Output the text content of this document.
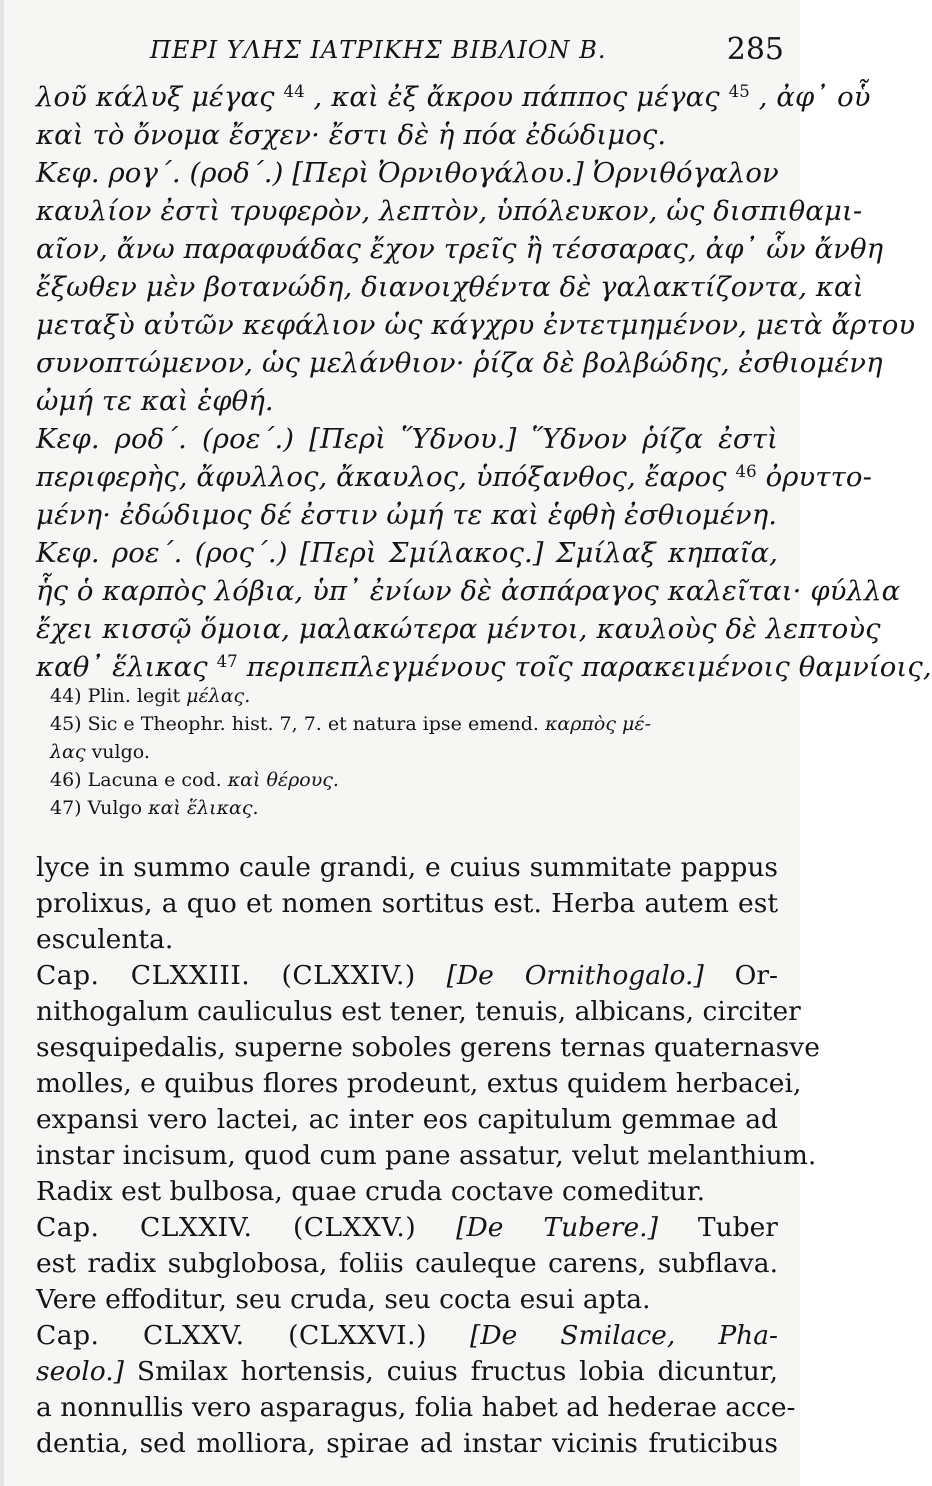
ΠΕΡΙ ΥΛΗΣ ΙΑΤΡΙΚΗΣ ΒΙΒΛΙΟΝ Β.	285
λοῦ κάλυξ μέγας $^{44}$ , καὶ ἐξ ἄκρου πάππος μέγας $^{45}$ , ἀφ᾽ οὗ
καὶ τὸ ὄνομα ἔσχεν· ἔστι δὲ ἡ πόα ἐδώδιμος.
Κεφ. ρογ΄. (ροδ΄.) [Περὶ Ὀρνιθογάλου.] Ὀρνιθόγαλον
καυλίον ἐστὶ τρυφερὸν, λεπτὸν, ὑπόλευκον, ὡς δισπιθαμι-
αῖον, ἄνω παραφυάδας ἔχον τρεῖς ἢ τέσσαρας, ἀφ᾽ ὧν ἄνθη
ἔξωθεν μὲν βοτανώδη, διανοιχθέντα δὲ γαλακτίζοντα, καὶ
μεταξὺ αὐτῶν κεφάλιον ὡς κάγχρυ ἐντετμημένον, μετὰ ἄρτου
συνοπτώμενον, ὡς μελάνθιον· ῥίζα δὲ βολβώδης, ἐσθιομένη
ὠμή τε καὶ ἑφθή.
Κεφ. ροδ΄. (ροε΄.) [Περὶ Ὕδνου.] Ὕδνον ῥίζα ἐστὶ
περιφερὴς, ἄφυλλος, ἄκαυλος, ὑπόξανθος, ἔαρος $^{46}$ ὀρυττο-
μένη· ἐδώδιμος δέ ἐστιν ὠμή τε καὶ ἑφθὴ ἐσθιομένη.
Κεφ. ροε΄. (ρος΄.) [Περὶ Σμίλακος.] Σμίλαξ κηπαῖα,
ἧς ὁ καρπὸς λόβια, ὑπ᾽ ἐνίων δὲ ἀσπάραγος καλεῖται· φύλλα
ἔχει κισσῷ ὅμοια, μαλακώτερα μέντοι, καυλοὺς δὲ λεπτοὺς
καθ᾽ ἕλικας $^{47}$ περιπεπλεγμένους τοῖς παρακειμένοις θαμνίοις,
44) Plin. legit μέλας.
45) Sic e Theophr. hist. 7, 7. et natura ipse emend. καρπὸς μέ-
λας vulgo.
46) Lacuna e cod. καὶ θέρους.
47) Vulgo καὶ ἕλικας.
lyce in summo caule grandi, e cuius summitate pappus
prolixus, a quo et nomen sortitus est. Herba autem est
esculenta.
Cap. CLXXIII. (CLXXIV.) [De Ornithogalo.] Or-
nithogalum cauliculus est tener, tenuis, albicans, circiter
sesquipedalis, superne soboles gerens ternas quaternasve
molles, e quibus flores prodeunt, extus quidem herbacei,
expansi vero lactei, ac inter eos capitulum gemmae ad
instar incisum, quod cum pane assatur, velut melanthium.
Radix est bulbosa, quae cruda coctave comeditur.
Cap. CLXXIV. (CLXXV.) [De Tubere.] Tuber
est radix subglobosa, foliis cauleque carens, subflava.
Vere effoditur, seu cruda, seu cocta esui apta.
Cap. CLXXV. (CLXXVI.) [De Smilace, Pha-
seolo.] Smilax hortensis, cuius fructus lobia dicuntur,
a nonnullis vero asparagus, folia habet ad hederae acce-
dentia, sed molliora, spirae ad instar vicinis fruticibus
